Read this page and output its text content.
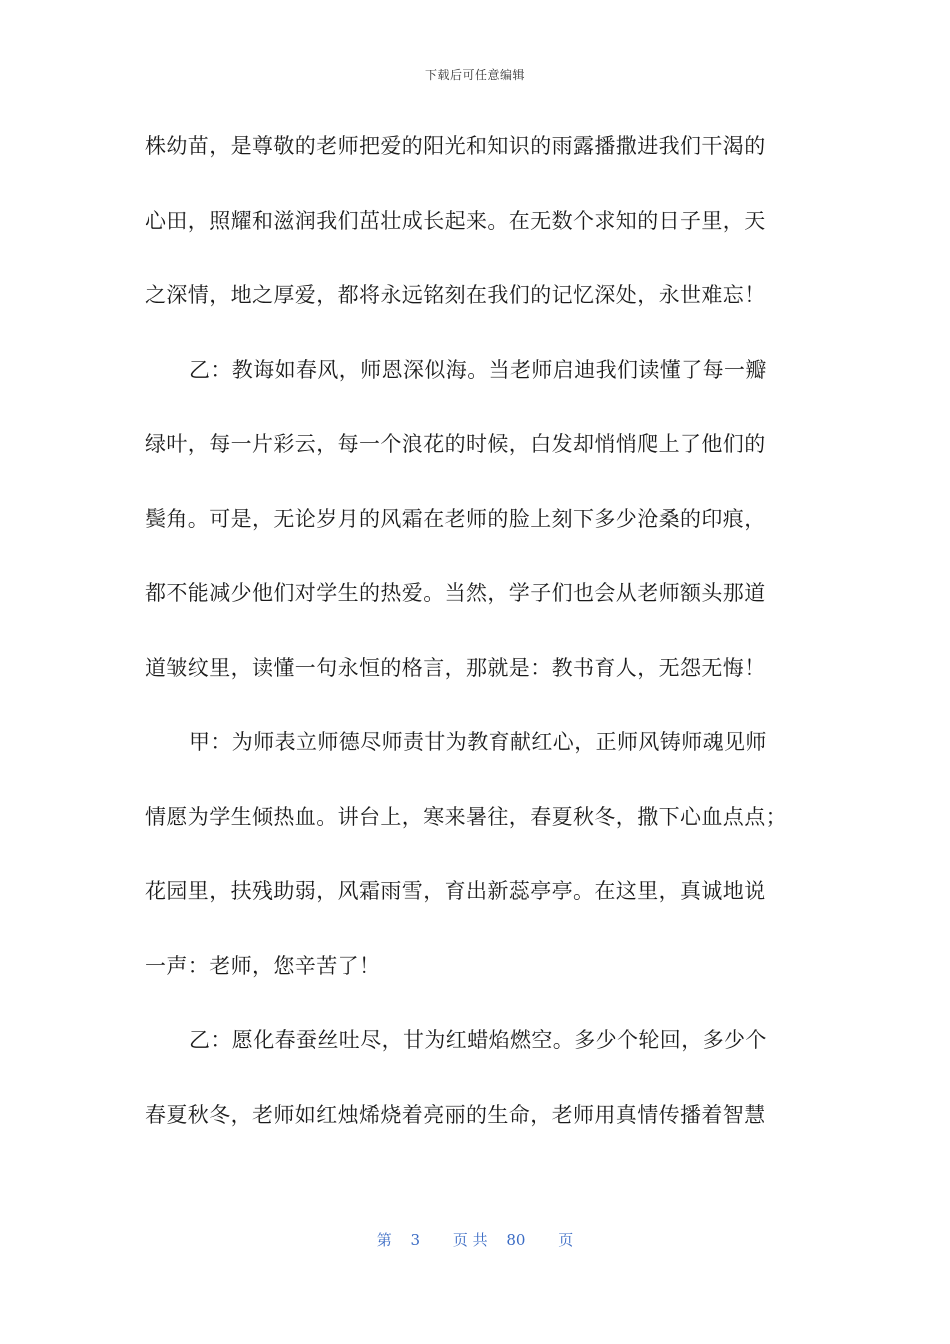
下载后可任意编辑
株幼苗，是尊敬的老师把爱的阳光和知识的雨露播撒进我们干渴的
心田，照耀和滋润我们茁壮成长起来。在无数个求知的日子里，天
之深情，地之厚爱，都将永远铭刻在我们的记忆深处，永世难忘！
乙：教诲如春风，师恩深似海。当老师启迪我们读懂了每一瓣
绿叶，每一片彩云，每一个浪花的时候，白发却悄悄爬上了他们的
鬓角。可是，无论岁月的风霜在老师的脸上刻下多少沧桑的印痕，
都不能减少他们对学生的热爱。当然，学子们也会从老师额头那道
道皱纹里，读懂一句永恒的格言，那就是：教书育人，无怨无悔！
甲：为师表立师德尽师责甘为教育献红心，正师风铸师魂见师
情愿为学生倾热血。讲台上，寒来暑往，春夏秋冬，撒下心血点点；
花园里，扶残助弱，风霜雨雪，育出新蕊亭亭。在这里，真诚地说
一声：老师，您辛苦了！
乙：愿化春蚕丝吐尽，甘为红蜡焰燃空。多少个轮回，多少个
春夏秋冬，老师如红烛烯烧着亮丽的生命，老师用真情传播着智慧
第 3 页 共 80 页
